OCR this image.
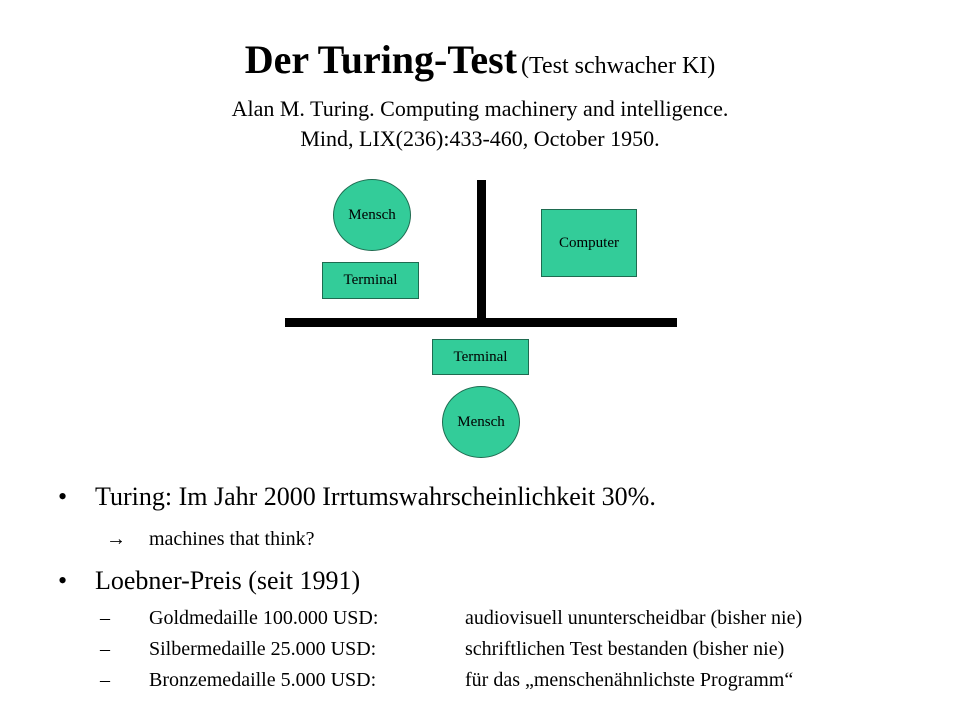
Der Turing-Test (Test schwacher KI)
Alan M. Turing. Computing machinery and intelligence.
Mind, LIX(236):433-460, October 1950.
Mensch
Terminal
Computer
Terminal
Mensch
• Turing: Im Jahr 2000 Irrtumswahrscheinlichkeit 30%.
→ machines that think?
• Loebner-Preis (seit 1991)
– Goldmedaille 100.000 USD:	audiovisuell ununterscheidbar (bisher nie)
– Silbermedaille 25.000 USD:	schriftlichen Test bestanden (bisher nie)
– Bronzemedaille 5.000 USD:	für das „menschenähnlichste Programm“
